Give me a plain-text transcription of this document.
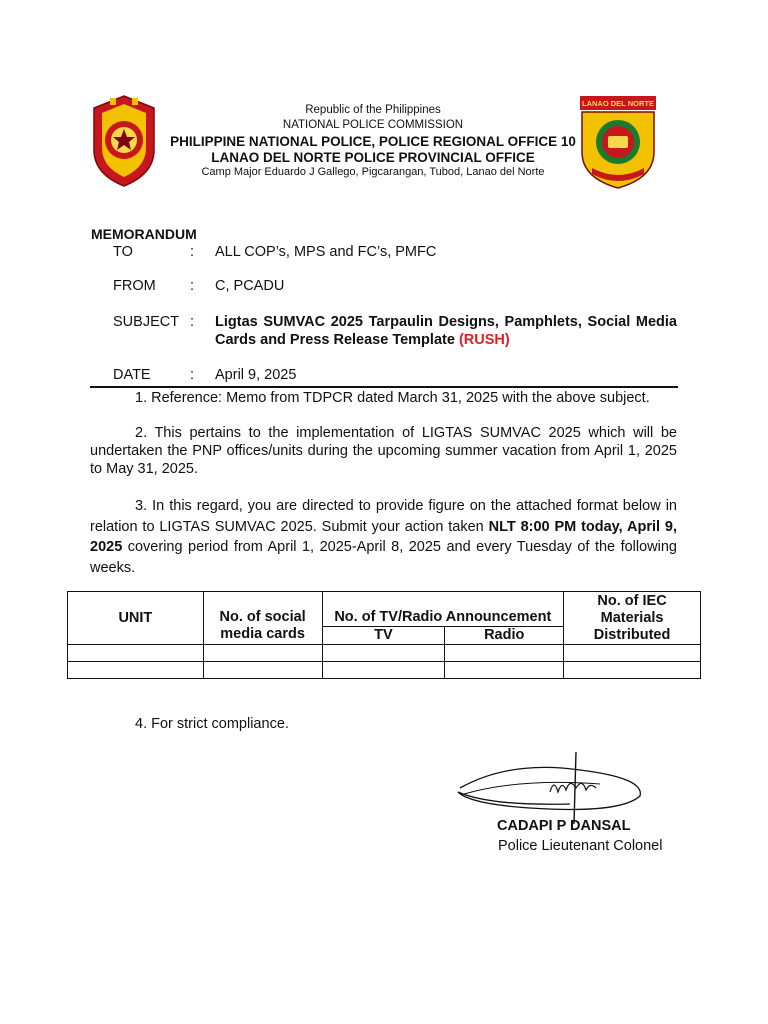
LANAO DEL NORTE
Republic of the Philippines
NATIONAL POLICE COMMISSION
PHILIPPINE NATIONAL POLICE, POLICE REGIONAL OFFICE 10
LANAO DEL NORTE POLICE PROVINCIAL OFFICE
Camp Major Eduardo J Gallego, Pigcarangan, Tubod, Lanao del Norte
MEMORANDUM
TO	: ALL COP’s, MPS and FC’s, PMFC
FROM : C, PCADU
SUBJECT : Ligtas SUMVAC 2025 Tarpaulin Designs, Pamphlets, Social Media Cards and Press Release Template (RUSH)
DATE	: April 9, 2025
1. Reference: Memo from TDPCR dated March 31, 2025 with the above subject.
2. This pertains to the implementation of LIGTAS SUMVAC 2025 which will be undertaken the PNP offices/units during the upcoming summer vacation from April 1, 2025 to May 31, 2025.
3. In this regard, you are directed to provide figure on the attached format below in relation to LIGTAS SUMVAC 2025. Submit your action taken NLT 8:00 PM today, April 9, 2025 covering period from April 1, 2025-April 8, 2025 and every Tuesday of the following weeks.
UNIT	No. of social media cards	No. of TV/Radio Announcement		No. of IEC Materials Distributed
		TV	Radio	

4. For strict compliance.
CADAPI P DANSAL
Police Lieutenant Colonel
